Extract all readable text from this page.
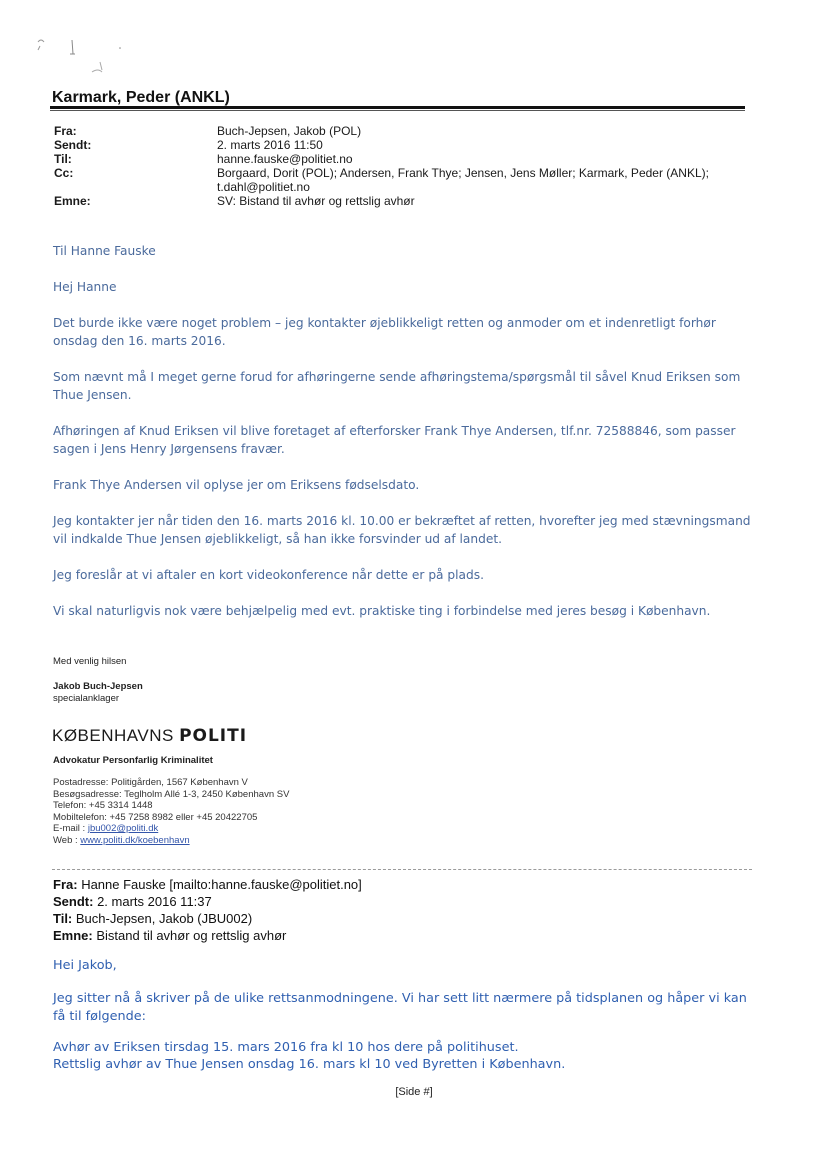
Karmark, Peder (ANKL)
Fra:	Buch-Jepsen, Jakob (POL)
Sendt:	2. marts 2016 11:50
Til:	hanne.fauske@politiet.no
Cc:	Borgaard, Dorit (POL); Andersen, Frank Thye; Jensen, Jens Møller; Karmark, Peder (ANKL); t.dahl@politiet.no
Emne:	SV: Bistand til avhør og rettslig avhør

Til Hanne Fauske

Hej Hanne

Det burde ikke være noget problem – jeg kontakter øjeblikkeligt retten og anmoder om et indenretligt forhør onsdag den 16. marts 2016.

Som nævnt må I meget gerne forud for afhøringerne sende afhøringstema/spørgsmål til såvel Knud Eriksen som Thue Jensen.

Afhøringen af Knud Eriksen vil blive foretaget af efterforsker Frank Thye Andersen, tlf.nr. 72588846, som passer sagen i Jens Henry Jørgensens fravær.

Frank Thye Andersen vil oplyse jer om Eriksens fødselsdato.

Jeg kontakter jer når tiden den 16. marts 2016 kl. 10.00 er bekræftet af retten, hvorefter jeg med stævningsmand vil indkalde Thue Jensen øjeblikkeligt, så han ikke forsvinder ud af landet.

Jeg foreslår at vi aftaler en kort videokonference når dette er på plads.

Vi skal naturligvis nok være behjælpelig med evt. praktiske ting i forbindelse med jeres besøg i København.

Med venlig hilsen
Jakob Buch-Jepsen
specialanklager
KØBENHAVNS POLITI
Advokatur Personfarlig Kriminalitet
Postadresse: Politigården, 1567 København V
Besøgsadresse: Teglholm Allé 1-3, 2450 København SV
Telefon: +45 3314 1448
Mobiltelefon: +45 7258 8982 eller +45 20422705
E-mail : jbu002@politi.dk
Web : www.politi.dk/koebenhavn
Fra: Hanne Fauske [mailto:hanne.fauske@politiet.no]
Sendt: 2. marts 2016 11:37
Til: Buch-Jepsen, Jakob (JBU002)
Emne: Bistand til avhør og rettslig avhør

Hei Jakob,

Jeg sitter nå å skriver på de ulike rettsanmodningene. Vi har sett litt nærmere på tidsplanen og håper vi kan få til følgende:

Avhør av Eriksen tirsdag 15. mars 2016 fra kl 10 hos dere på politihuset.

Rettslig avhør av Thue Jensen onsdag 16. mars kl 10 ved Byretten i København.

[Side #]
